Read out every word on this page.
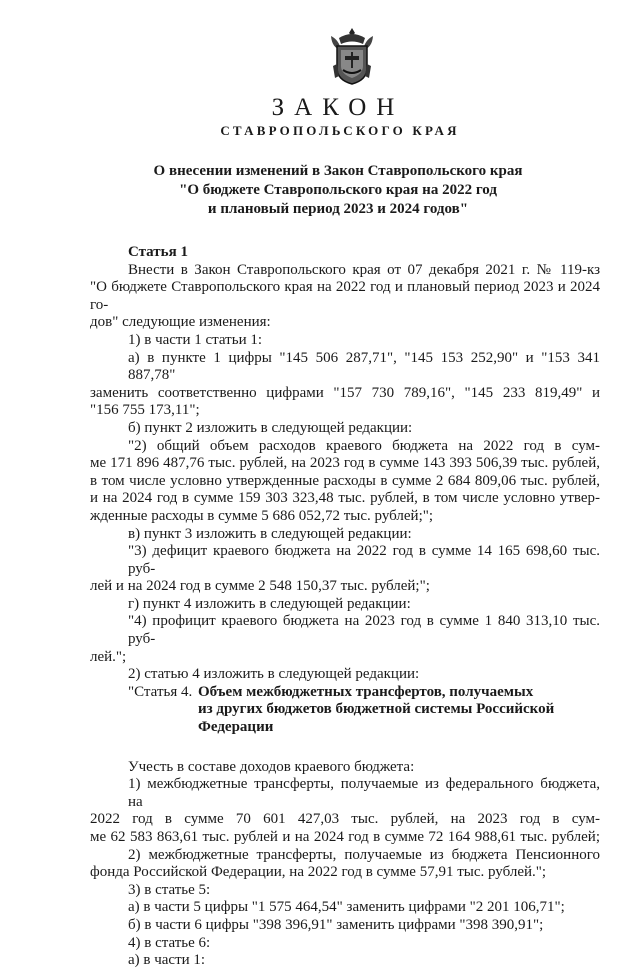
ЗАКОН
СТАВРОПОЛЬСКОГО КРАЯ
О внесении изменений в Закон Ставропольского края
"О бюджете Ставропольского края на 2022 год
и плановый период 2023 и 2024 годов"
Статья 1
Внести в Закон Ставропольского края от 07 декабря 2021 г. № 119-кз
"О бюджете Ставропольского края на 2022 год и плановый период 2023 и 2024 го-
дов" следующие изменения:
1) в части 1 статьи 1:
а) в пункте 1 цифры "145 506 287,71", "145 153 252,90" и "153 341 887,78"
заменить соответственно цифрами "157 730 789,16", "145 233 819,49" и
"156 755 173,11";
б) пункт 2 изложить в следующей редакции:
"2) общий объем расходов краевого бюджета на 2022 год в сум-
ме 171 896 487,76 тыс. рублей, на 2023 год в сумме 143 393 506,39 тыс. рублей,
в том числе условно утвержденные расходы в сумме 2 684 809,06 тыс. рублей,
и на 2024 год в сумме 159 303 323,48 тыс. рублей, в том числе условно утвер-
жденные расходы в сумме 5 686 052,72 тыс. рублей;";
в) пункт 3 изложить в следующей редакции:
"3) дефицит краевого бюджета на 2022 год в сумме 14 165 698,60 тыс. руб-
лей и на 2024 год в сумме 2 548 150,37 тыс. рублей;";
г) пункт 4 изложить в следующей редакции:
"4) профицит краевого бюджета на 2023 год в сумме 1 840 313,10 тыс. руб-
лей.";
2) статью 4 изложить в следующей редакции:
"Статья 4. Объем межбюджетных трансфертов, получаемых
из других бюджетов бюджетной системы Российской
Федерации
Учесть в составе доходов краевого бюджета:
1) межбюджетные трансферты, получаемые из федерального бюджета, на
2022 год в сумме 70 601 427,03 тыс. рублей, на 2023 год в сум-
ме 62 583 863,61 тыс. рублей и на 2024 год в сумме 72 164 988,61 тыс. рублей;
2) межбюджетные трансферты, получаемые из бюджета Пенсионного
фонда Российской Федерации, на 2022 год в сумме 57,91 тыс. рублей.";
3) в статье 5:
а) в части 5 цифры "1 575 464,54" заменить цифрами "2 201 106,71";
б) в части 6 цифры "398 396,91" заменить цифрами "398 390,91";
4) в статье 6:
а) в части 1:
